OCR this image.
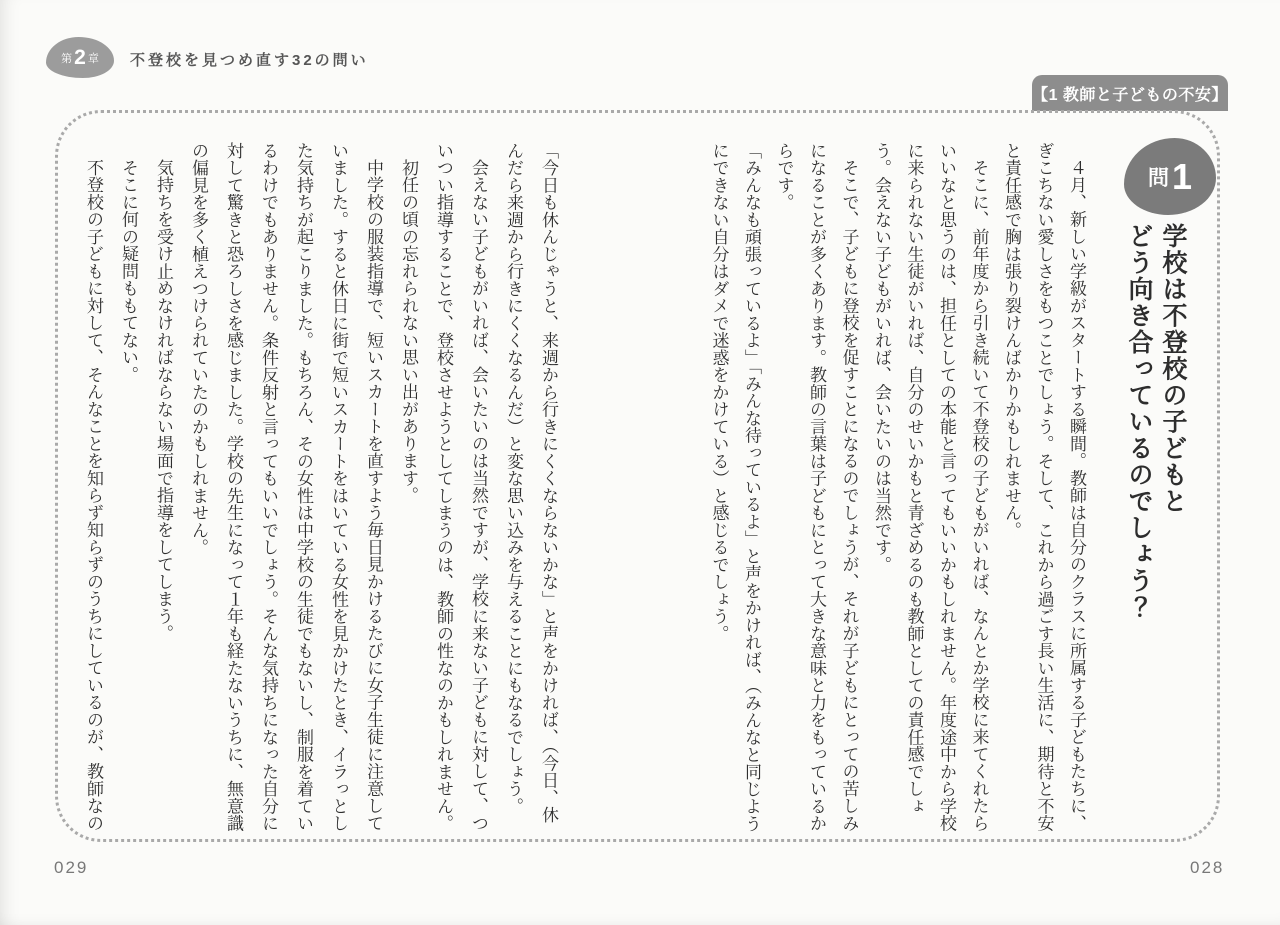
第 2 章 不登校を見つめ直す32の問い
【1 教師と子どもの不安】
問 1

学校は不登校の子どもと

どう向き合っているのでしょう？

４月、新しい学級がスタートする瞬間。教師は自分のクラスに所属する子どもたちに、ぎこちない愛しさをもつことでしょう。そして、これから過ごす長い生活に、期待と不安と責任感で胸は張り裂けんばかりかもしれません。

そこに、前年度から引き続いて不登校の子どもがいれば、なんとか学校に来てくれたらいいなと思うのは、担任としての本能と言ってもいいかもしれません。年度途中から学校に来られない生徒がいれば、自分のせいかもと青ざめるのも教師としての責任感でしょう。会えない子どもがいれば、会いたいのは当然です。

そこで、子どもに登校を促すことになるのでしょうが、それが子どもにとっての苦しみになることが多くあります。教師の言葉は子どもにとって大きな意味と力をもっているからです。

「みんなも頑張っているよ」「みんな待っているよ」と声をかければ、（みんなと同じようにできない自分はダメで迷惑をかけている）と感じるでしょう。

「今日も休んじゃうと、来週から行きにくくならないかな」と声をかければ、（今日、休んだら来週から行きにくくなるんだ）と変な思い込みを与えることにもなるでしょう。

会えない子どもがいれば、会いたいのは当然ですが、学校に来ない子どもに対して、ついつい指導することで、登校させようとしてしまうのは、教師の性なのかもしれません。

初任の頃の忘れられない思い出があります。

中学校の服装指導で、短いスカートを直すよう毎日見かけるたびに女子生徒に注意していました。すると休日に街で短いスカートをはいている女性を見かけたとき、イラっとした気持ちが起こりました。もちろん、その女性は中学校の生徒でもないし、制服を着ているわけでもありません。条件反射と言ってもいいでしょう。そんな気持ちになった自分に対して驚きと恐ろしさを感じました。学校の先生になって１年も経たないうちに、無意識の偏見を多く植えつけられていたのかもしれません。

気持ちを受け止めなければならない場面で指導をしてしまう。

そこに何の疑問ももてない。

不登校の子どもに対して、そんなことを知らず知らずのうちにしているのが、教師なの

029	028
